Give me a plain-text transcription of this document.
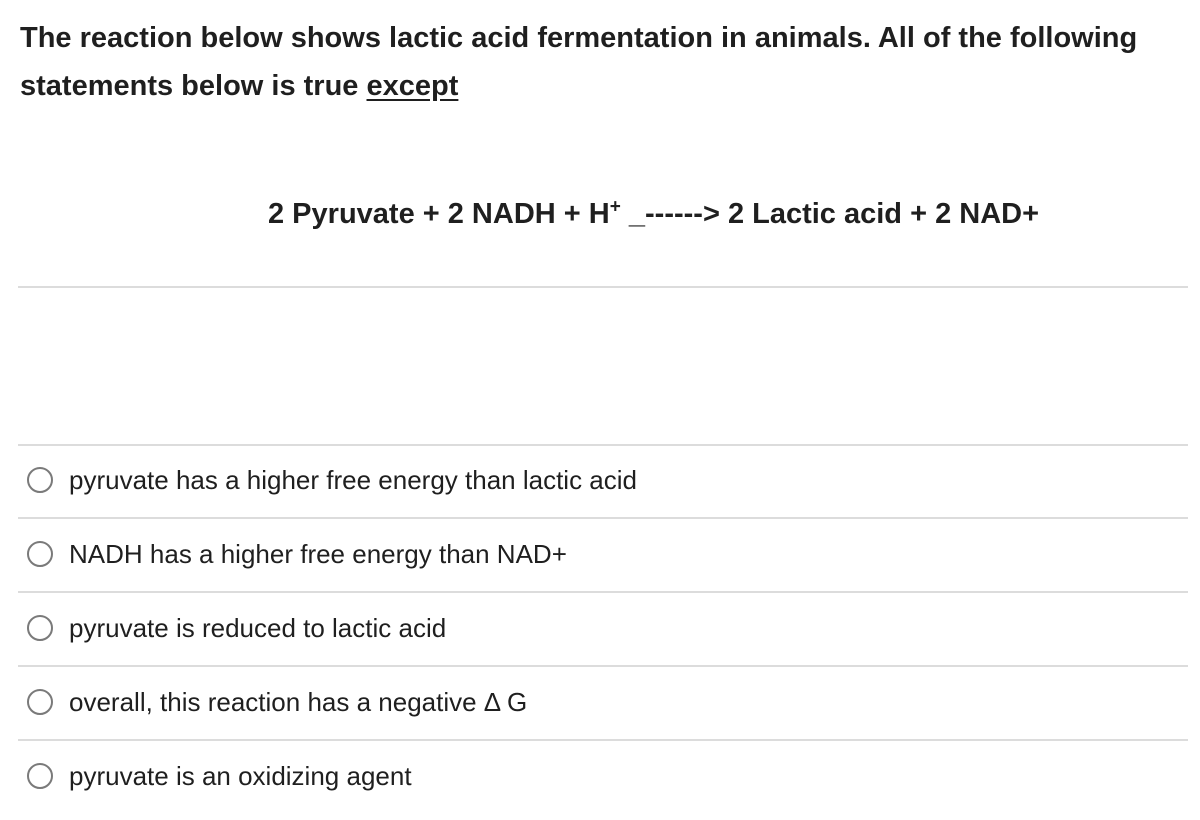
The reaction below shows lactic acid fermentation in animals. All of the following statements below is true except
2 Pyruvate + 2 NADH + H+ _------> 2 Lactic acid + 2 NAD+
pyruvate has a higher free energy than lactic acid
NADH has a higher free energy than NAD+
pyruvate is reduced to lactic acid
overall, this reaction has a negative Δ G
pyruvate is an oxidizing agent
